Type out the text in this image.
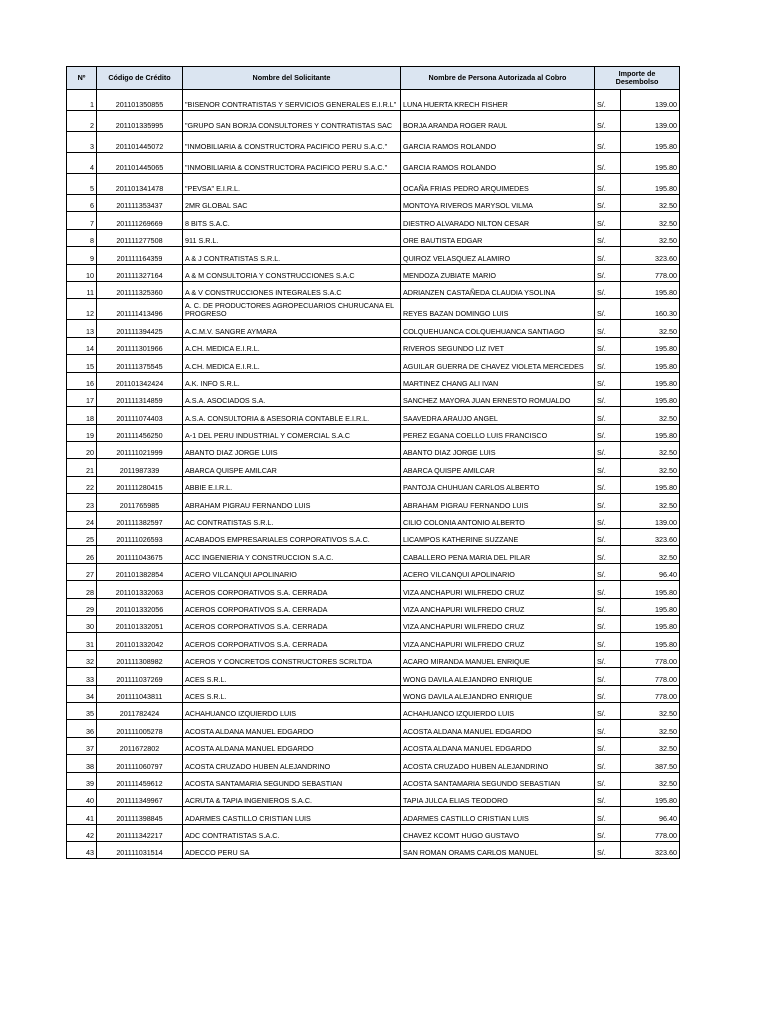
Nº	Código de Crédito	Nombre del Solicitante	Nombre de Persona Autorizada al Cobro	Importe de Desembolso	
1	201101350855	"BISENOR CONTRATISTAS Y SERVICIOS GENERALES E.I.R.L"	LUNA HUERTA KRECH FISHER	S/.	139.00
2	201101335995	"GRUPO SAN BORJA CONSULTORES Y CONTRATISTAS SAC	BORJA ARANDA ROGER RAUL	S/.	139.00
3	201101445072	"INMOBILIARIA & CONSTRUCTORA PACIFICO PERU S.A.C."	GARCIA RAMOS ROLANDO	S/.	195.80
4	201101445065	"INMOBILIARIA & CONSTRUCTORA PACIFICO PERU S.A.C."	GARCIA RAMOS ROLANDO	S/.	195.80
5	201101341478	"PEVSA" E.I.R.L.	OCAÑA FRIAS PEDRO ARQUIMEDES	S/.	195.80
6	201111353437	2MR GLOBAL SAC	MONTOYA RIVEROS MARYSOL VILMA	S/.	32.50
7	201111269669	8 BITS S.A.C.	DIESTRO ALVARADO NILTON CESAR	S/.	32.50
8	201111277508	911 S.R.L.	ORE BAUTISTA EDGAR	S/.	32.50
9	201111164359	A & J CONTRATISTAS S.R.L.	QUIROZ VELASQUEZ ALAMIRO	S/.	323.60
10	201111327164	A & M CONSULTORIA Y CONSTRUCCIONES S.A.C	MENDOZA ZUBIATE MARIO	S/.	778.00
11	201111325360	A & V CONSTRUCCIONES INTEGRALES S.A.C	ADRIANZEN CASTAÑEDA CLAUDIA YSOLINA	S/.	195.80
12	201111413496	A. C. DE PRODUCTORES AGROPECUARIOS CHURUCANA EL PROGRESO	REYES BAZAN DOMINGO LUIS	S/.	160.30
13	201111394425	A.C.M.V. SANGRE AYMARA	COLQUEHUANCA COLQUEHUANCA SANTIAGO	S/.	32.50
14	201111301966	A.CH. MEDICA E.I.R.L.	RIVEROS SEGUNDO LIZ IVET	S/.	195.80
15	201111375545	A.CH. MEDICA E.I.R.L.	AGUILAR GUERRA DE CHAVEZ VIOLETA MERCEDES	S/.	195.80
16	201101342424	A.K. INFO S.R.L.	MARTINEZ CHANG ALI IVAN	S/.	195.80
17	201111314859	A.S.A. ASOCIADOS S.A.	SANCHEZ MAYORA JUAN ERNESTO ROMUALDO	S/.	195.80
18	201111074403	A.S.A. CONSULTORIA & ASESORIA CONTABLE E.I.R.L.	SAAVEDRA ARAUJO ANGEL	S/.	32.50
19	201111456250	A-1 DEL PERU INDUSTRIAL Y COMERCIAL S.A.C	PEREZ EGANA COELLO LUIS FRANCISCO	S/.	195.80
20	201111021999	ABANTO DIAZ JORGE LUIS	ABANTO DIAZ JORGE LUIS	S/.	32.50
21	2011987339	ABARCA QUISPE AMILCAR	ABARCA QUISPE AMILCAR	S/.	32.50
22	201111280415	ABBIE E.I.R.L.	PANTOJA CHUHUAN CARLOS ALBERTO	S/.	195.80
23	2011765985	ABRAHAM PIGRAU FERNANDO LUIS	ABRAHAM PIGRAU FERNANDO LUIS	S/.	32.50
24	201111382597	AC CONTRATISTAS S.R.L.	CILIO COLONIA ANTONIO ALBERTO	S/.	139.00
25	201111026593	ACABADOS EMPRESARIALES CORPORATIVOS S.A.C.	LICAMPOS KATHERINE SUZZANE	S/.	323.60
26	201111043675	ACC INGENIERIA Y CONSTRUCCION S.A.C.	CABALLERO PENA MARIA DEL PILAR	S/.	32.50
27	201101382854	ACERO VILCANQUI APOLINARIO	ACERO VILCANQUI APOLINARIO	S/.	96.40
28	201101332063	ACEROS CORPORATIVOS S.A. CERRADA	VIZA ANCHAPURI WILFREDO CRUZ	S/.	195.80
29	201101332056	ACEROS CORPORATIVOS S.A. CERRADA	VIZA ANCHAPURI WILFREDO CRUZ	S/.	195.80
30	201101332051	ACEROS CORPORATIVOS S.A. CERRADA	VIZA ANCHAPURI WILFREDO CRUZ	S/.	195.80
31	201101332042	ACEROS CORPORATIVOS S.A. CERRADA	VIZA ANCHAPURI WILFREDO CRUZ	S/.	195.80
32	201111308982	ACEROS Y CONCRETOS CONSTRUCTORES SCRLTDA	ACARO MIRANDA MANUEL ENRIQUE	S/.	778.00
33	201111037269	ACES S.R.L.	WONG DAVILA ALEJANDRO ENRIQUE	S/.	778.00
34	201111043811	ACES S.R.L.	WONG DAVILA ALEJANDRO ENRIQUE	S/.	778.00
35	2011782424	ACHAHUANCO IZQUIERDO LUIS	ACHAHUANCO IZQUIERDO LUIS	S/.	32.50
36	201111005278	ACOSTA ALDANA MANUEL EDGARDO	ACOSTA ALDANA MANUEL EDGARDO	S/.	32.50
37	2011672802	ACOSTA ALDANA MANUEL EDGARDO	ACOSTA ALDANA MANUEL EDGARDO	S/.	32.50
38	201111060797	ACOSTA CRUZADO HUBEN ALEJANDRINO	ACOSTA CRUZADO HUBEN ALEJANDRINO	S/.	387.50
39	201111459612	ACOSTA SANTAMARIA SEGUNDO SEBASTIAN	ACOSTA SANTAMARIA SEGUNDO SEBASTIAN	S/.	32.50
40	201111349967	ACRUTA & TAPIA INGENIEROS S.A.C.	TAPIA JULCA ELIAS TEODORO	S/.	195.80
41	201111398845	ADARMES CASTILLO CRISTIAN LUIS	ADARMES CASTILLO CRISTIAN LUIS	S/.	96.40
42	201111342217	ADC CONTRATISTAS S.A.C.	CHAVEZ KCOMT HUGO GUSTAVO	S/.	778.00
43	201111031514	ADECCO PERU SA	SAN ROMAN ORAMS CARLOS MANUEL	S/.	323.60
